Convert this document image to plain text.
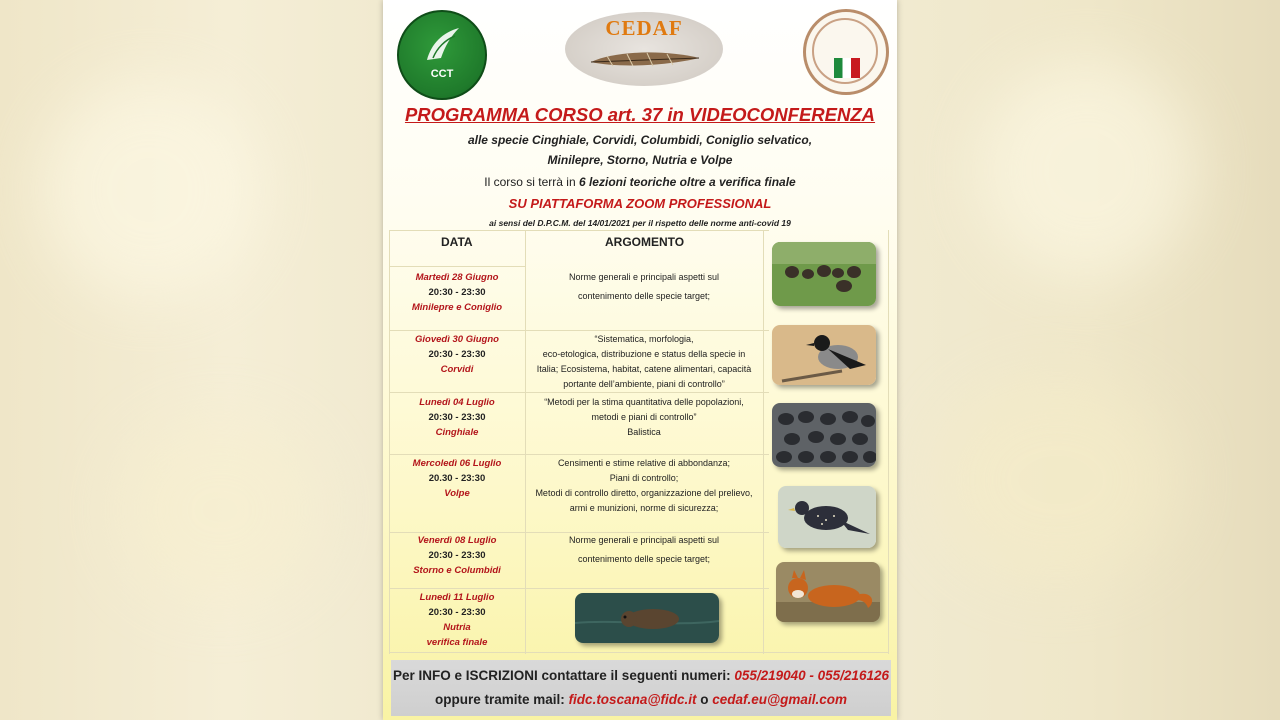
CCT
CEDAF
PROGRAMMA CORSO art. 37 in VIDEOCONFERENZA
alle specie Cinghiale, Corvidi, Columbidi, Coniglio selvatico,
Minilepre, Storno, Nutria e Volpe
Il corso si terrà in 6 lezioni teoriche oltre a verifica finale
SU PIATTAFORMA ZOOM PROFESSIONAL
ai sensi del D.P.C.M. del 14/01/2021 per il rispetto delle norme anti-covid 19
DATA	ARGOMENTO
Martedì 28 Giugno
20:30 - 23:30
Minilepre e Coniglio
Norme generali e principali aspetti sul
contenimento delle specie target;
Giovedì 30 Giugno
20:30 - 23:30
Corvidi
“Sistematica, morfologia,
eco-etologica, distribuzione e status della specie in
Italia; Ecosistema, habitat, catene alimentari, capacità
portante dell’ambiente, piani di controllo”
Lunedì 04 Luglio
20:30 - 23:30
Cinghiale
“Metodi per la stima quantitativa delle popolazioni,
metodi e piani di controllo”
Balistica
Mercoledì 06 Luglio
20.30 - 23:30
Volpe
Censimenti e stime relative di abbondanza;
Piani di controllo;
Metodi di controllo diretto, organizzazione del prelievo,
armi e munizioni, norme di sicurezza;
Venerdì 08 Luglio
20:30 - 23:30
Storno e Columbidi
Norme generali e principali aspetti sul
contenimento delle specie target;
Lunedì 11 Luglio
20:30 - 23:30
Nutria
verifica finale
Per INFO e ISCRIZIONI contattare il seguenti numeri: 055/219040 - 055/216126
oppure tramite mail: fidc.toscana@fidc.it o cedaf.eu@gmail.com
